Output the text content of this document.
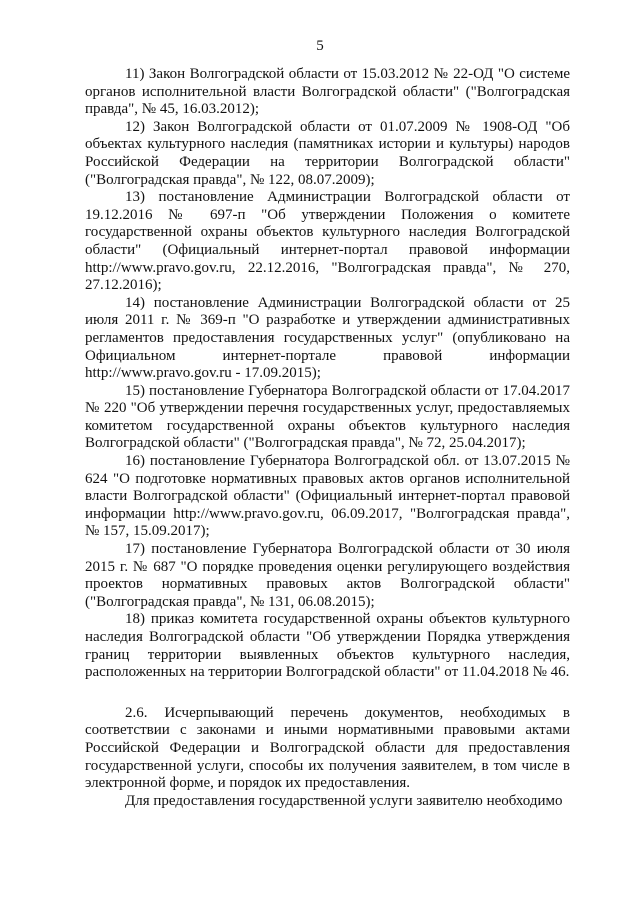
5

11) Закон Волгоградской области от 15.03.2012 № 22-ОД "О системе органов исполнительной власти Волгоградской области" ("Волгоградская правда", № 45, 16.03.2012);

12) Закон Волгоградской области от 01.07.2009 № 1908-ОД "Об объектах культурного наследия (памятниках истории и культуры) народов Российской Федерации на территории Волгоградской области" ("Волгоградская правда", № 122, 08.07.2009);

13) постановление Администрации Волгоградской области от 19.12.2016 № 697-п "Об утверждении Положения о комитете государственной охраны объектов культурного наследия Волгоградской области" (Официальный интернет-портал правовой информации http://www.pravo.gov.ru, 22.12.2016, "Волгоградская правда", № 270, 27.12.2016);

14) постановление Администрации Волгоградской области от 25 июля 2011 г. № 369-п "О разработке и утверждении административных регламентов предоставления государственных услуг" (опубликовано на Официальном интернет-портале правовой информации http://www.pravo.gov.ru - 17.09.2015);

15) постановление Губернатора Волгоградской области от 17.04.2017 № 220 "Об утверждении перечня государственных услуг, предоставляемых комитетом государственной охраны объектов культурного наследия Волгоградской области" ("Волгоградская правда", № 72, 25.04.2017);

16) постановление Губернатора Волгоградской обл. от 13.07.2015 № 624 "О подготовке нормативных правовых актов органов исполнительной власти Волгоградской области" (Официальный интернет-портал правовой информации http://www.pravo.gov.ru, 06.09.2017, "Волгоградская правда", № 157, 15.09.2017);

17) постановление Губернатора Волгоградской области от 30 июля 2015 г. № 687 "О порядке проведения оценки регулирующего воздействия проектов нормативных правовых актов Волгоградской области" ("Волгоградская правда", № 131, 06.08.2015);

18) приказ комитета государственной охраны объектов культурного наследия Волгоградской области "Об утверждении Порядка утверждения границ территории выявленных объектов культурного наследия, расположенных на территории Волгоградской области" от 11.04.2018 № 46.

2.6. Исчерпывающий перечень документов, необходимых в соответствии с законами и иными нормативными правовыми актами Российской Федерации и Волгоградской области для предоставления государственной услуги, способы их получения заявителем, в том числе в электронной форме, и порядок их предоставления.

Для предоставления государственной услуги заявителю необходимо
